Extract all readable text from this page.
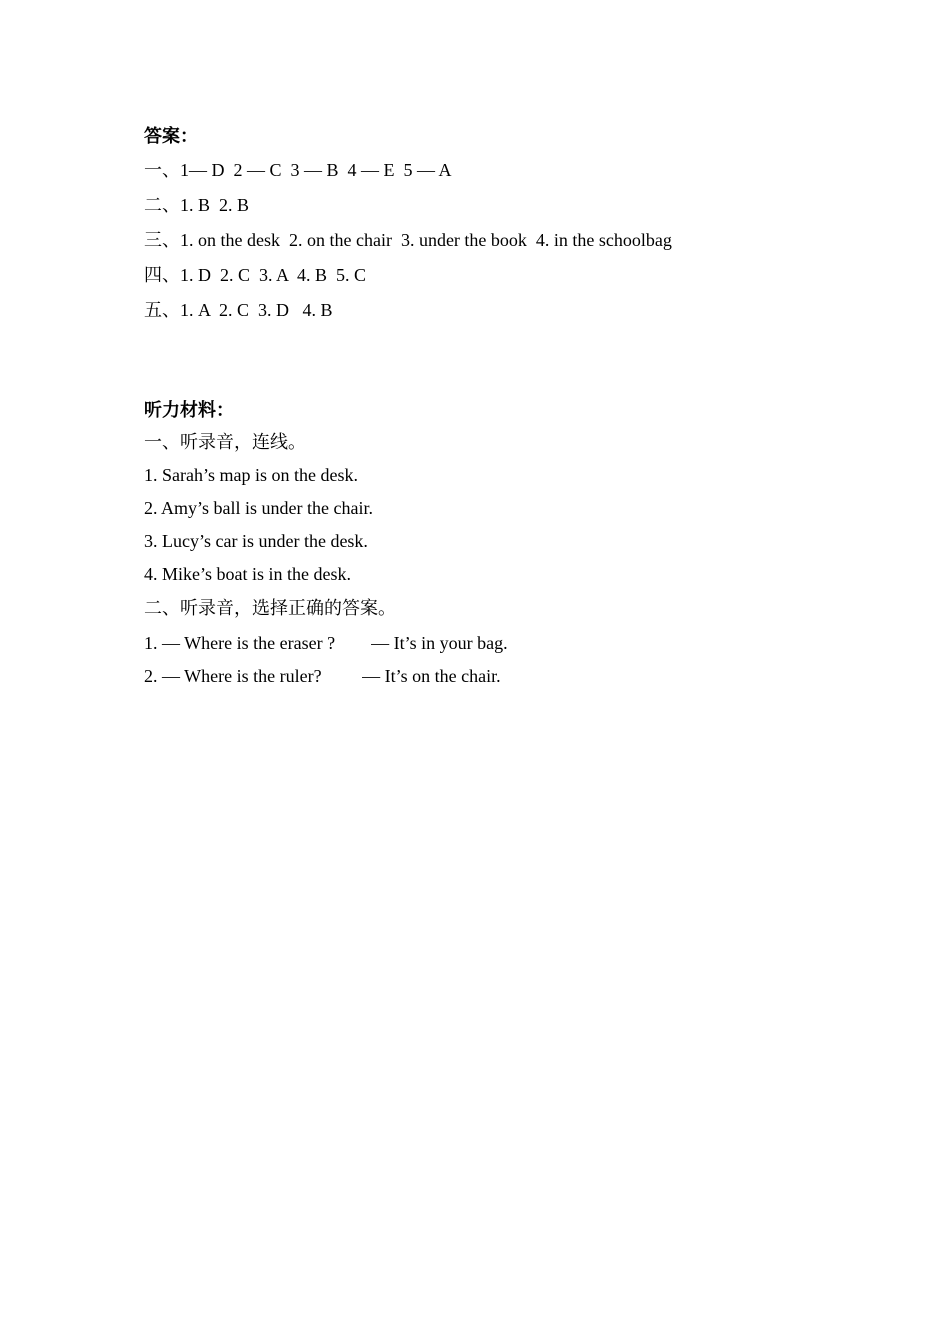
答案：
一、1— D  2 — C  3 — B  4 — E  5 — A
二、1. B  2. B
三、1. on the desk  2. on the chair  3. under the book  4. in the schoolbag
四、1. D  2. C  3. A  4. B  5. C
五、1. A  2. C  3. D   4. B
听力材料：
一、听录音，连线。
1. Sarah’s map is on the desk.
2. Amy’s ball is under the chair.
3. Lucy’s car is under the desk.
4. Mike’s boat is in the desk.
二、听录音，选择正确的答案。
1. — Where is the eraser ?        — It’s in your bag.
2. — Where is the ruler?         — It’s on the chair.
